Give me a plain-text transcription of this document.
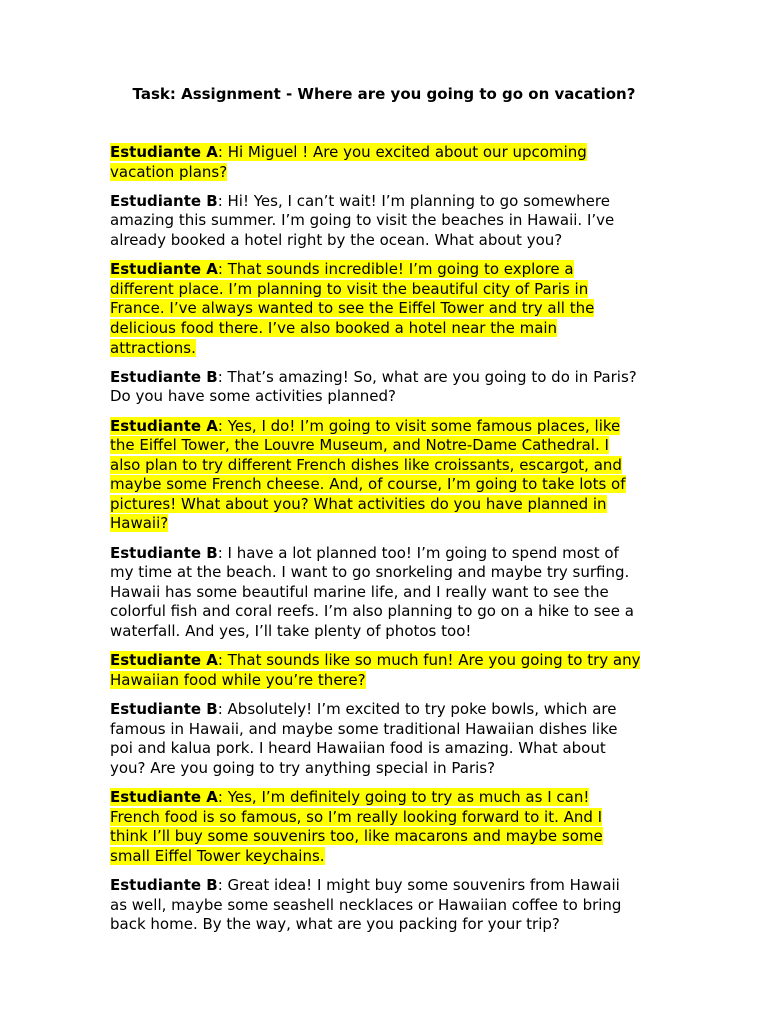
Task: Assignment - Where are you going to go on vacation?

Estudiante A: Hi Miguel ! Are you excited about our upcoming
vacation plans?

Estudiante B: Hi! Yes, I can’t wait! I’m planning to go somewhere
amazing this summer. I’m going to visit the beaches in Hawaii. I’ve
already booked a hotel right by the ocean. What about you?

Estudiante A: That sounds incredible! I’m going to explore a
different place. I’m planning to visit the beautiful city of Paris in
France. I’ve always wanted to see the Eiffel Tower and try all the
delicious food there. I’ve also booked a hotel near the main
attractions.

Estudiante B: That’s amazing! So, what are you going to do in Paris?
Do you have some activities planned?

Estudiante A: Yes, I do! I’m going to visit some famous places, like
the Eiffel Tower, the Louvre Museum, and Notre-Dame Cathedral. I
also plan to try different French dishes like croissants, escargot, and
maybe some French cheese. And, of course, I’m going to take lots of
pictures! What about you? What activities do you have planned in
Hawaii?

Estudiante B: I have a lot planned too! I’m going to spend most of
my time at the beach. I want to go snorkeling and maybe try surfing.
Hawaii has some beautiful marine life, and I really want to see the
colorful fish and coral reefs. I’m also planning to go on a hike to see a
waterfall. And yes, I’ll take plenty of photos too!

Estudiante A: That sounds like so much fun! Are you going to try any
Hawaiian food while you’re there?

Estudiante B: Absolutely! I’m excited to try poke bowls, which are
famous in Hawaii, and maybe some traditional Hawaiian dishes like
poi and kalua pork. I heard Hawaiian food is amazing. What about
you? Are you going to try anything special in Paris?

Estudiante A: Yes, I’m definitely going to try as much as I can!
French food is so famous, so I’m really looking forward to it. And I
think I’ll buy some souvenirs too, like macarons and maybe some
small Eiffel Tower keychains.

Estudiante B: Great idea! I might buy some souvenirs from Hawaii
as well, maybe some seashell necklaces or Hawaiian coffee to bring
back home. By the way, what are you packing for your trip?
